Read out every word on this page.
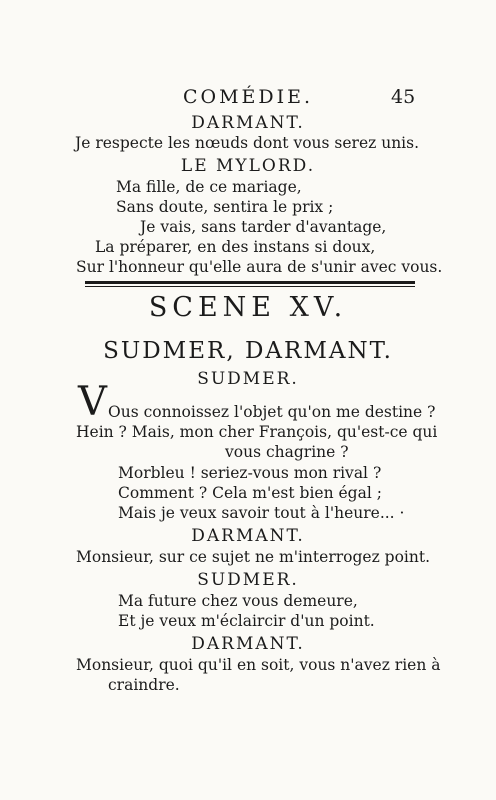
COMÉDIE.	45
DARMANT.
Je respecte les nœuds dont vous serez unis.
LE MYLORD.
Ma fille, de ce mariage,
Sans doute, sentira le prix ;
Je vais, sans tarder d'avantage,
La préparer, en des instans si doux,
Sur l'honneur qu'elle aura de s'unir avec vous.
SCENE XV.
SUDMER, DARMANT.
SUDMER.
V Ous connoissez l'objet qu'on me destine ?
Hein ? Mais, mon cher François, qu'est-ce qui
vous chagrine ?
Morbleu ! seriez-vous mon rival ?
Comment ? Cela m'est bien égal ;
Mais je veux savoir tout à l'heure... ·
DARMANT.
Monsieur, sur ce sujet ne m'interrogez point.
SUDMER.
Ma future chez vous demeure,
Et je veux m'éclaircir d'un point.
DARMANT.
Monsieur, quoi qu'il en soit, vous n'avez rien à
craindre.
